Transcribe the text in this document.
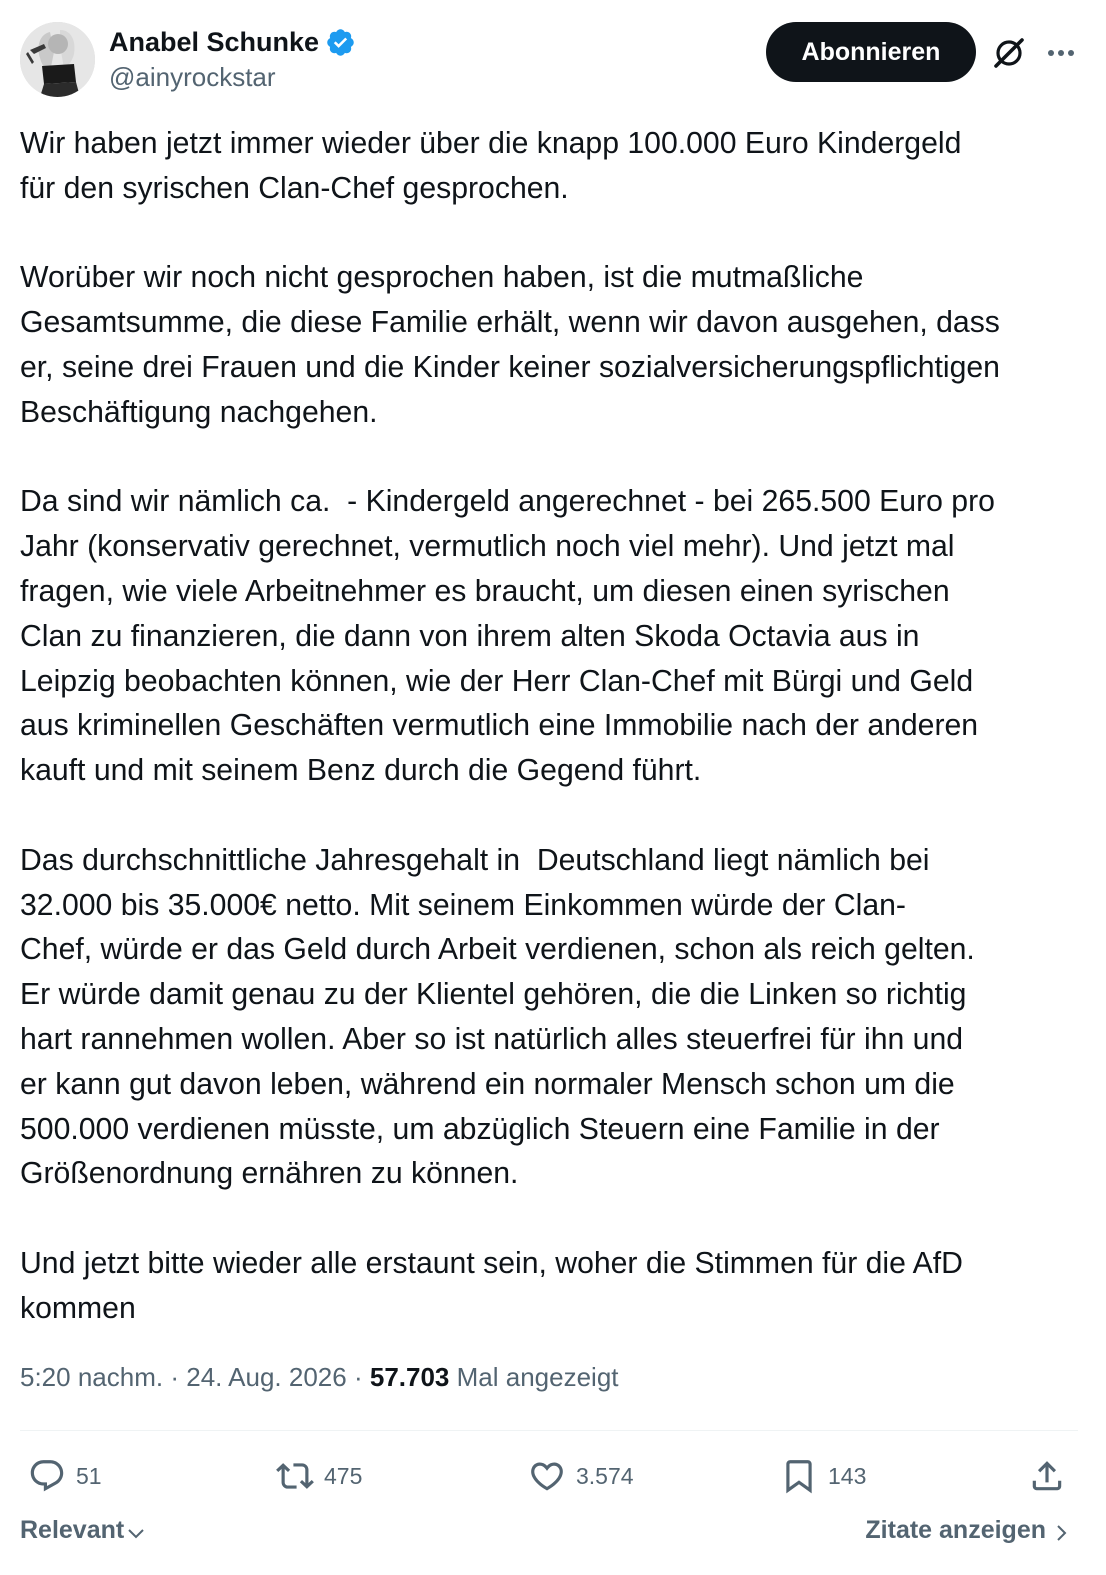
Anabel Schunke
@ainyrockstar
Abonnieren

Wir haben jetzt immer wieder über die knapp 100.000 Euro Kindergeld
für den syrischen Clan-Chef gesprochen.

Worüber wir noch nicht gesprochen haben, ist die mutmaßliche
Gesamtsumme, die diese Familie erhält, wenn wir davon ausgehen, dass
er, seine drei Frauen und die Kinder keiner sozialversicherungspflichtigen
Beschäftigung nachgehen.

Da sind wir nämlich ca.  - Kindergeld angerechnet - bei 265.500 Euro pro
Jahr (konservativ gerechnet, vermutlich noch viel mehr). Und jetzt mal
fragen, wie viele Arbeitnehmer es braucht, um diesen einen syrischen
Clan zu finanzieren, die dann von ihrem alten Skoda Octavia aus in
Leipzig beobachten können, wie der Herr Clan-Chef mit Bürgi und Geld
aus kriminellen Geschäften vermutlich eine Immobilie nach der anderen
kauft und mit seinem Benz durch die Gegend führt.

Das durchschnittliche Jahresgehalt in  Deutschland liegt nämlich bei
32.000 bis 35.000€ netto. Mit seinem Einkommen würde der Clan-
Chef, würde er das Geld durch Arbeit verdienen, schon als reich gelten.
Er würde damit genau zu der Klientel gehören, die die Linken so richtig
hart rannehmen wollen. Aber so ist natürlich alles steuerfrei für ihn und
er kann gut davon leben, während ein normaler Mensch schon um die
500.000 verdienen müsste, um abzüglich Steuern eine Familie in der
Größenordnung ernähren zu können.

Und jetzt bitte wieder alle erstaunt sein, woher die Stimmen für die AfD
kommen

5:20 nachm. · 24. Aug. 2026 · 57.703 Mal angezeigt
51	475	3.574	143
Relevant	Zitate anzeigen
